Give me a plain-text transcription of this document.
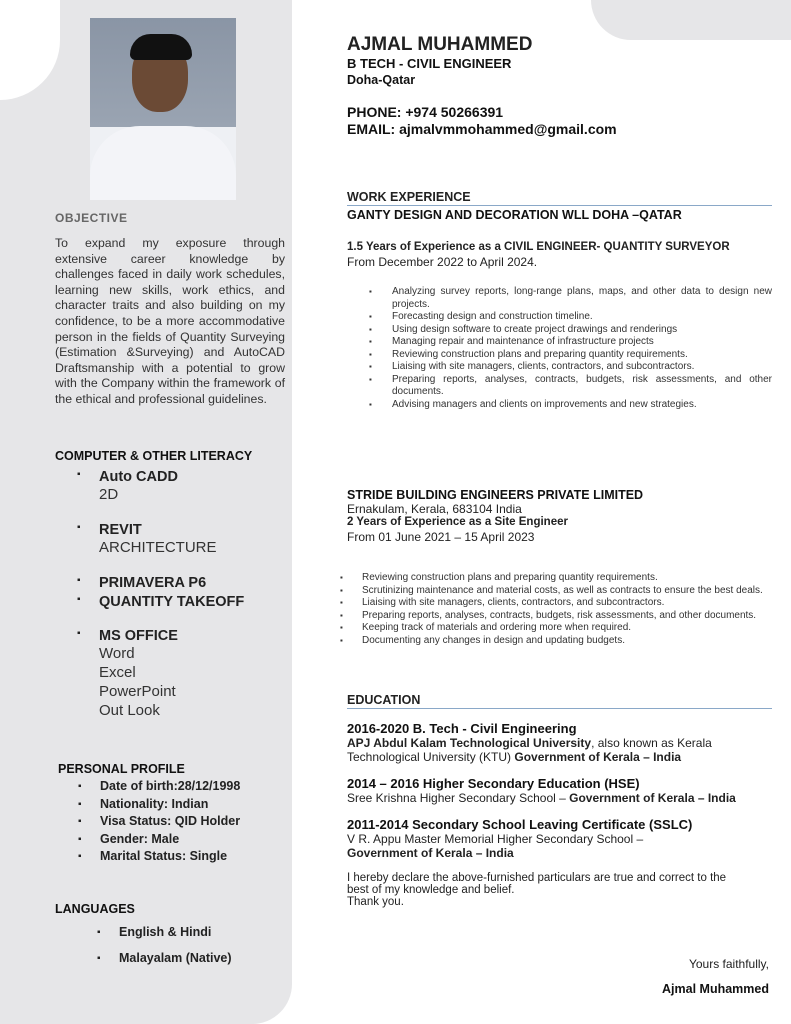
OBJECTIVE

To expand my exposure through extensive career knowledge by challenges faced in daily work schedules, learning new skills, work ethics, and character traits and also building on my confidence, to be a more accommodative person in the fields of Quantity Surveying (Estimation &Surveying) and AutoCAD Draftsmanship with a potential to grow with the Company within the framework of the ethical and professional guidelines.

COMPUTER & OTHER LITERACY
▪ Auto CADD
2D
▪ REVIT
ARCHITECTURE
▪ PRIMAVERA P6
▪ QUANTITY TAKEOFF
▪ MS OFFICE
Word
Excel
PowerPoint
Out Look
PERSONAL PROFILE
▪ Date of birth:28/12/1998
▪ Nationality: Indian
▪ Visa Status: QID Holder
▪ Gender: Male
▪ Marital Status: Single
LANGUAGES
▪ English & Hindi
▪ Malayalam (Native)
AJMAL MUHAMMED
B TECH - CIVIL ENGINEER
Doha-Qatar
PHONE: +974 50266391
EMAIL: ajmalvmmohammed@gmail.com
WORK EXPERIENCE
GANTY DESIGN AND DECORATION WLL DOHA –QATAR
1.5 Years of Experience as a CIVIL ENGINEER- QUANTITY SURVEYOR
From December 2022 to April 2024.
▪ Analyzing survey reports, long-range plans, maps, and other data to design new projects.
▪ Forecasting design and construction timeline.
▪ Using design software to create project drawings and renderings
▪ Managing repair and maintenance of infrastructure projects
▪ Reviewing construction plans and preparing quantity requirements.
▪ Liaising with site managers, clients, contractors, and subcontractors.
▪ Preparing reports, analyses, contracts, budgets, risk assessments, and other documents.
▪ Advising managers and clients on improvements and new strategies.
STRIDE BUILDING ENGINEERS PRIVATE LIMITED
Ernakulam, Kerala, 683104 India
2 Years of Experience as a Site Engineer
From 01 June 2021 – 15 April 2023
▪ Reviewing construction plans and preparing quantity requirements.
▪ Scrutinizing maintenance and material costs, as well as contracts to ensure the best deals.
▪ Liaising with site managers, clients, contractors, and subcontractors.
▪ Preparing reports, analyses, contracts, budgets, risk assessments, and other documents.
▪ Keeping track of materials and ordering more when required.
▪ Documenting any changes in design and updating budgets.
EDUCATION
2016-2020 B. Tech - Civil Engineering
APJ Abdul Kalam Technological University, also known as Kerala Technological University (KTU) Government of Kerala – India
2014 – 2016 Higher Secondary Education (HSE)
Sree Krishna Higher Secondary School – Government of Kerala – India
2011-2014 Secondary School Leaving Certificate (SSLC)
V R. Appu Master Memorial Higher Secondary School – Government of Kerala – India
I hereby declare the above-furnished particulars are true and correct to the best of my knowledge and belief.
Thank you.
Yours faithfully,
Ajmal Muhammed
